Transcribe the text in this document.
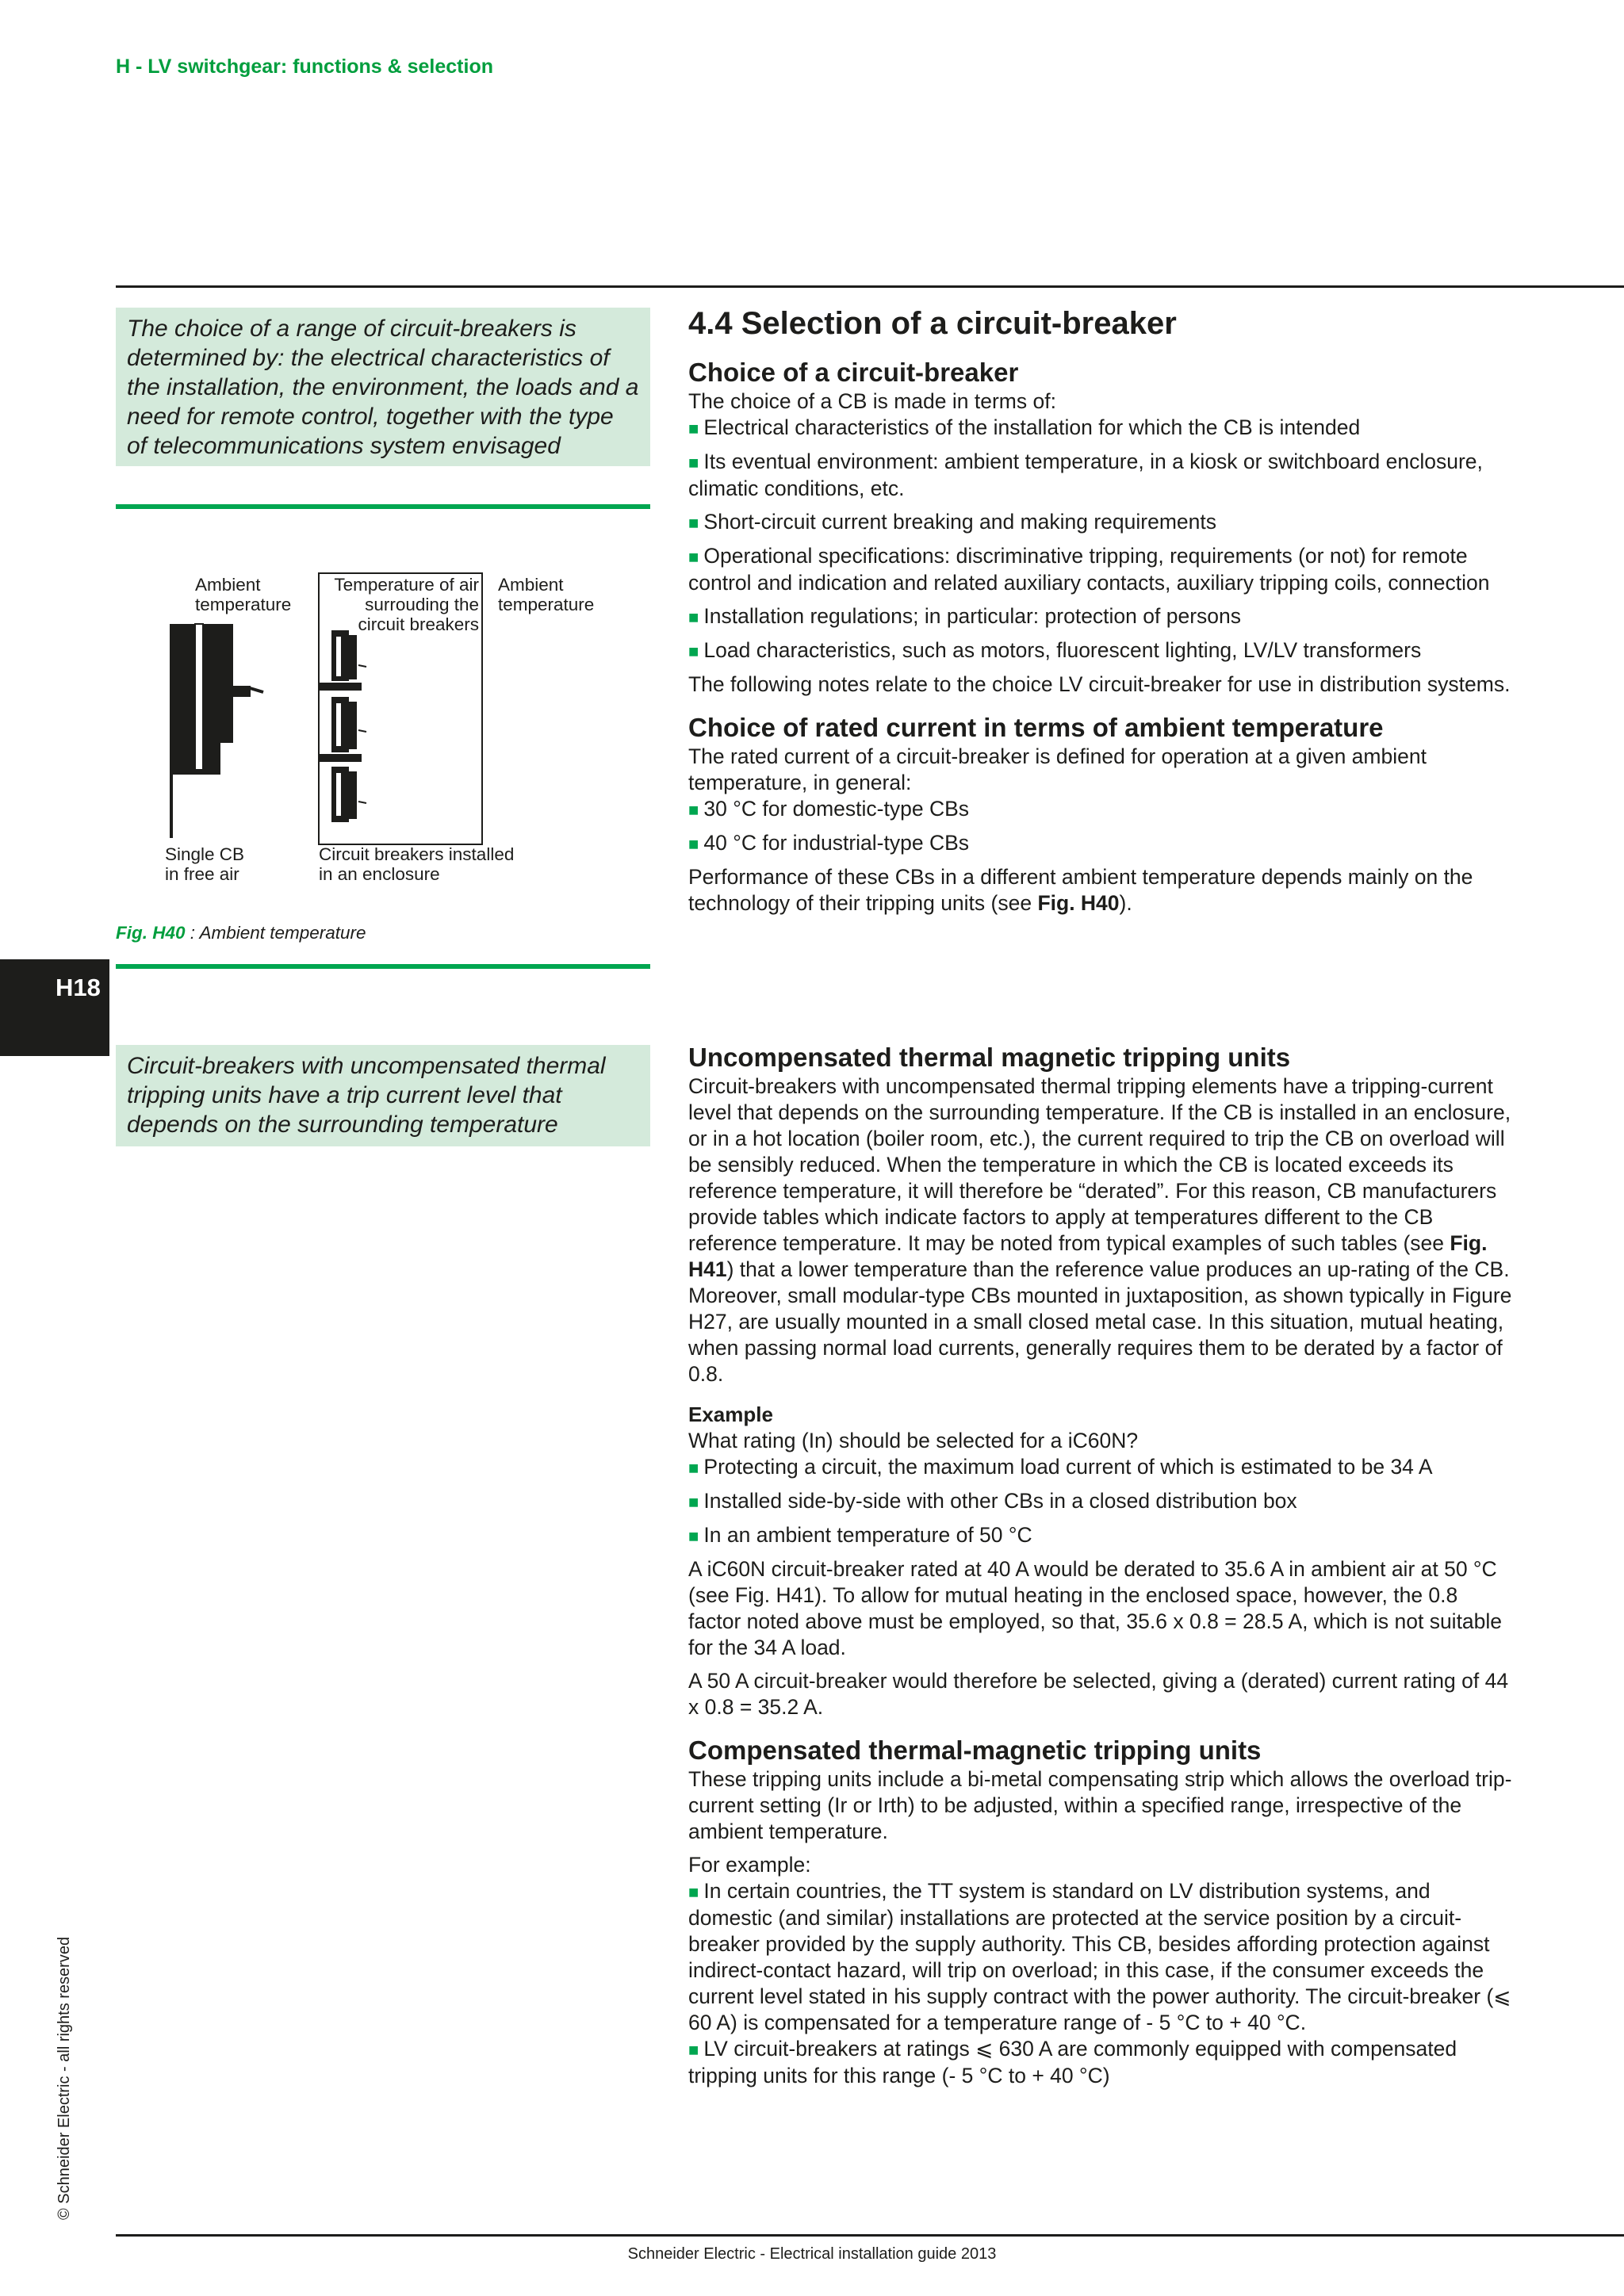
H - LV switchgear: functions & selection
The choice of a range of circuit-breakers is determined by: the electrical characteristics of the installation, the environment, the loads and a need for remote control, together with the type of telecommunications system envisaged
Ambient
temperature
Temperature of air
surrouding the
circuit breakers
Ambient
temperature
Single CB
in free air
Circuit breakers installed
in an enclosure
Fig. H40 : Ambient temperature
H18
Circuit-breakers with uncompensated thermal tripping units have a trip current level that depends on the surrounding temperature
4.4 Selection of a circuit-breaker
Choice of a circuit-breaker

The choice of a CB is made in terms of:

■ Electrical characteristics of the installation for which the CB is intended

■ Its eventual environment: ambient temperature, in a kiosk or switchboard enclosure, climatic conditions, etc.

■ Short-circuit current breaking and making requirements

■ Operational specifications: discriminative tripping, requirements (or not) for remote control and indication and related auxiliary contacts, auxiliary tripping coils, connection

■ Installation regulations; in particular: protection of persons

■ Load characteristics, such as motors, fluorescent lighting, LV/LV transformers

The following notes relate to the choice LV circuit-breaker for use in distribution systems.

Choice of rated current in terms of ambient temperature

The rated current of a circuit-breaker is defined for operation at a given ambient temperature, in general:

■ 30 °C for domestic-type CBs

■ 40 °C for industrial-type CBs

Performance of these CBs in a different ambient temperature depends mainly on the technology of their tripping units (see Fig. H40).

Uncompensated thermal magnetic tripping units

Circuit-breakers with uncompensated thermal tripping elements have a tripping-current level that depends on the surrounding temperature. If the CB is installed in an enclosure, or in a hot location (boiler room, etc.), the current required to trip the CB on overload will be sensibly reduced. When the temperature in which the CB is located exceeds its reference temperature, it will therefore be “derated”. For this reason, CB manufacturers provide tables which indicate factors to apply at temperatures different to the CB reference temperature. It may be noted from typical examples of such tables (see Fig. H41) that a lower temperature than the reference value produces an up-rating of the CB. Moreover, small modular-type CBs mounted in juxtaposition, as shown typically in Figure H27, are usually mounted in a small closed metal case. In this situation, mutual heating, when passing normal load currents, generally requires them to be derated by a factor of 0.8.

Example

What rating (In) should be selected for a iC60N?

■ Protecting a circuit, the maximum load current of which is estimated to be 34 A

■ Installed side-by-side with other CBs in a closed distribution box

■ In an ambient temperature of 50 °C

A iC60N circuit-breaker rated at 40 A would be derated to 35.6 A in ambient air at 50 °C (see Fig. H41). To allow for mutual heating in the enclosed space, however, the 0.8 factor noted above must be employed, so that, 35.6 x 0.8 = 28.5 A, which is not suitable for the 34 A load.

A 50 A circuit-breaker would therefore be selected, giving a (derated) current rating of 44 x 0.8 = 35.2 A.

Compensated thermal-magnetic tripping units

These tripping units include a bi-metal compensating strip which allows the overload trip-current setting (Ir or Irth) to be adjusted, within a specified range, irrespective of the ambient temperature.

For example:

■ In certain countries, the TT system is standard on LV distribution systems, and domestic (and similar) installations are protected at the service position by a circuit-breaker provided by the supply authority. This CB, besides affording protection against indirect-contact hazard, will trip on overload; in this case, if the consumer exceeds the current level stated in his supply contract with the power authority. The circuit-breaker (⩽ 60 A) is compensated for a temperature range of - 5 °C to + 40 °C.

■ LV circuit-breakers at ratings ⩽ 630 A are commonly equipped with compensated tripping units for this range (- 5 °C to + 40 °C)

© Schneider Electric - all rights reserved
Schneider Electric - Electrical installation guide 2013
